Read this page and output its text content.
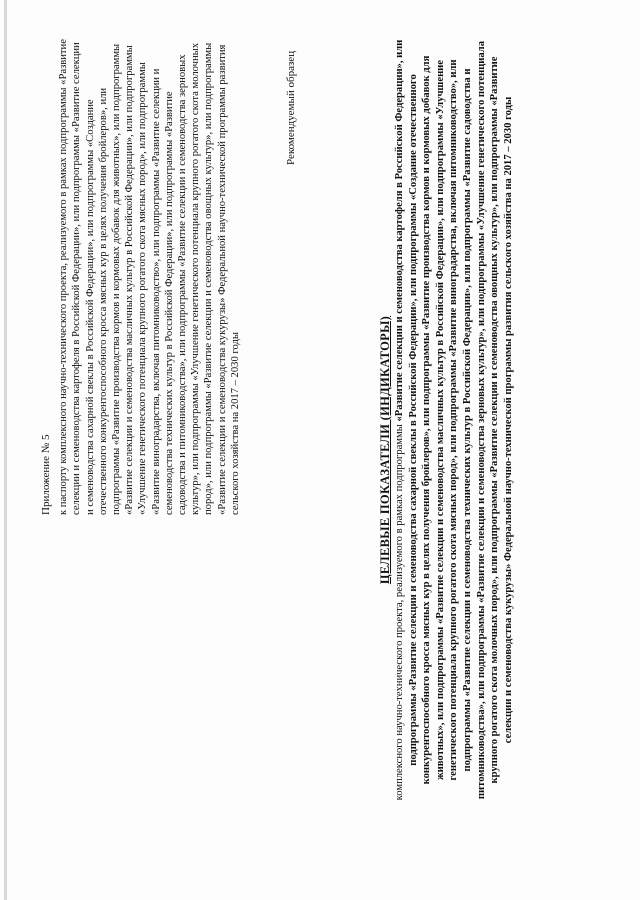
Приложение № 5 к паспорту комплексного научно-технического проекта, реализуемого в рамках подпрограммы «Развитие селекции и семеноводства картофеля в Российской Федерации», или подпрограммы «Развитие селекции и семеноводства сахарной свеклы в Российской Федерации», или подпрограммы «Создание отечественного конкурентоспособного кросса мясных кур в целях получения бройлеров», или подпрограммы «Развитие производства кормов и кормовых добавок для животных», или подпрограммы «Развитие селекции и семеноводства масличных культур в Российской Федерации», или подпрограммы «Улучшение генетического потенциала крупного рогатого скота мясных пород», или подпрограммы «Развитие виноградарства, включая питомниководство», или подпрограммы «Развитие селекции и семеноводства технических культур в Российской Федерации», или подпрограммы «Развитие садоводства и питомниководства», или подпрограммы «Развитие селекции и семеноводства зерновых культур», или подпрограммы «Улучшение генетического потенциала крупного рогатого скота молочных пород», или подпрограммы «Развитие селекции и семеноводства овощных культур», или подпрограммы «Развитие селекции и семеноводства кукурузы» Федеральной научно-технической программы развития сельского хозяйства на 2017 – 2030 годы

Рекомендуемый образец
ЦЕЛЕВЫЕ ПОКАЗАТЕЛИ (ИНДИКАТОРЫ) комплексного научно-технического проекта, реализуемого в рамках подпрограммы «Развитие селекции и семеноводства картофеля в Российской Федерации», или подпрограммы «Развитие селекции и семеноводства сахарной свеклы в Российской Федерации», или подпрограммы «Создание отечественного конкурентоспособного кросса мясных кур в целях получения бройлеров», или подпрограммы «Развитие производства кормов и кормовых добавок для животных», или подпрограммы «Развитие селекции и семеноводства масличных культур в Российской Федерации», или подпрограммы «Улучшение генетического потенциала крупного рогатого скота мясных пород», или подпрограммы «Развитие виноградарства, включая питомниководство», или подпрограммы «Развитие селекции и семеноводства технических культур в Российской Федерации», или подпрограммы «Развитие садоводства и питомниководства», или подпрограммы «Развитие селекции и семеноводства зерновых культур», или подпрограммы «Улучшение генетического потенциала крупного рогатого скота молочных пород», или подпрограммы «Развитие селекции и семеноводства овощных культур», или подпрограммы «Развитие селекции и семеноводства кукурузы» Федеральной научно-технической программы развития сельского хозяйства на 2017 – 2030 годы
